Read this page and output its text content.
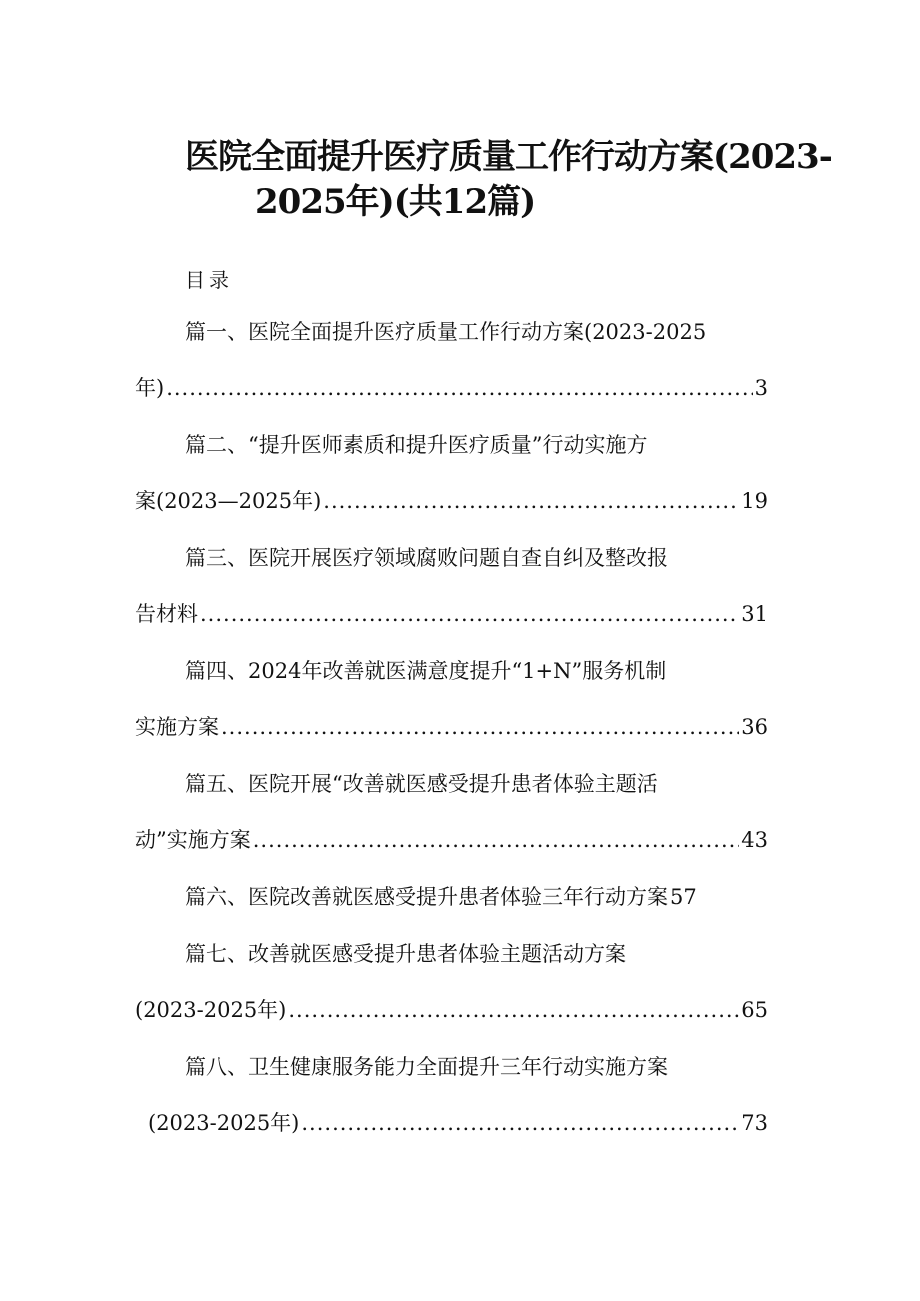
医院全面提升医疗质量工作行动方案(2023-
2025年)(共12篇)
目录
篇一、医院全面提升医疗质量工作行动方案(2023-2025
年) .....	3
篇二、“提升医师素质和提升医疗质量”行动实施方
案(2023—2025年) .....	19
篇三、医院开展医疗领域腐败问题自查自纠及整改报
告材料 .....	31
篇四、2024年改善就医满意度提升“1+N”服务机制
实施方案 .....	36
篇五、医院开展“改善就医感受提升患者体验主题活
动”实施方案 .....	43
篇六、医院改善就医感受提升患者体验三年行动方案57
篇七、改善就医感受提升患者体验主题活动方案
(2023-2025年) .....	65
篇八、卫生健康服务能力全面提升三年行动实施方案
(2023-2025年) .....	73
